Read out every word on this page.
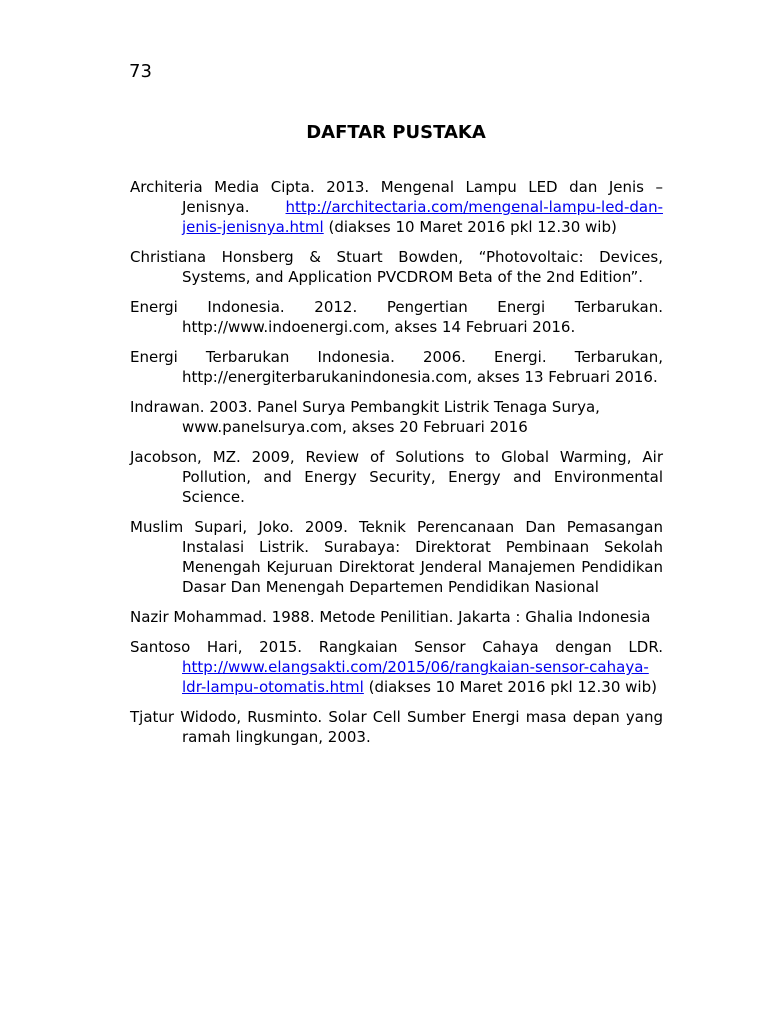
73
DAFTAR PUSTAKA
Architeria Media Cipta. 2013. Mengenal Lampu LED dan Jenis – Jenisnya. http://architectaria.com/mengenal-lampu-led-dan-jenis-jenisnya.html (diakses 10 Maret 2016 pkl 12.30 wib)
Christiana Honsberg & Stuart Bowden, “Photovoltaic: Devices, Systems, and Application PVCDROM Beta of the 2nd Edition”.
Energi Indonesia. 2012. Pengertian Energi Terbarukan. http://www.indoenergi.com, akses 14 Februari 2016.
Energi Terbarukan Indonesia. 2006. Energi. Terbarukan, http://energiterbarukanindonesia.com, akses 13 Februari 2016.
Indrawan. 2003. Panel Surya Pembangkit Listrik Tenaga Surya,
www.panelsurya.com, akses 20 Februari 2016
Jacobson, MZ. 2009, Review of Solutions to Global Warming, Air Pollution, and Energy Security, Energy and Environmental Science.
Muslim Supari, Joko. 2009. Teknik Perencanaan Dan Pemasangan Instalasi Listrik. Surabaya: Direktorat Pembinaan Sekolah Menengah Kejuruan Direktorat Jenderal Manajemen Pendidikan Dasar Dan Menengah Departemen Pendidikan Nasional
Nazir Mohammad. 1988. Metode Penilitian. Jakarta : Ghalia Indonesia
Santoso Hari, 2015. Rangkaian Sensor Cahaya dengan LDR. http://www.elangsakti.com/2015/06/rangkaian-sensor-cahaya-ldr-lampu-otomatis.html (diakses 10 Maret 2016 pkl 12.30 wib)
Tjatur Widodo, Rusminto. Solar Cell Sumber Energi masa depan yang ramah lingkungan, 2003.
